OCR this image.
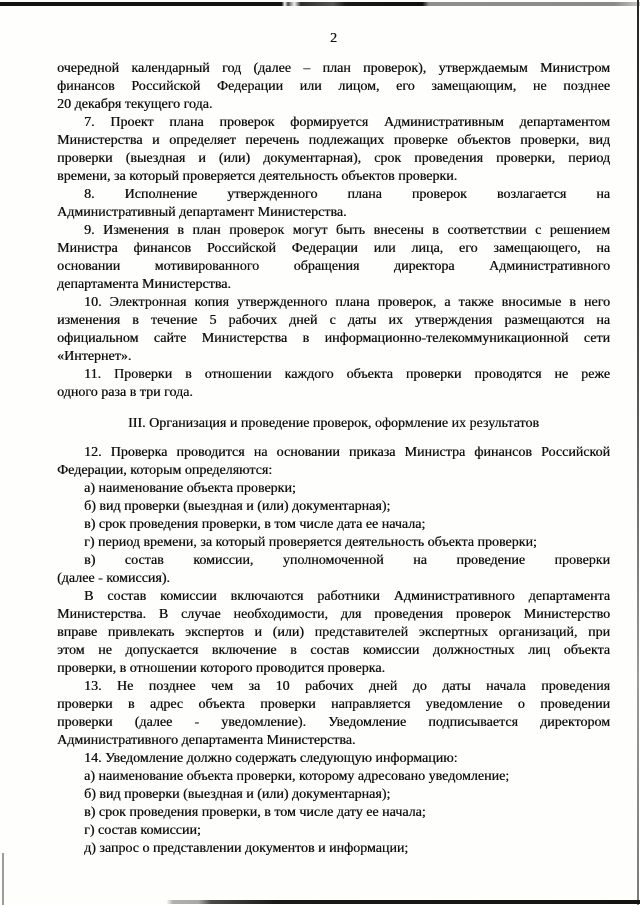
2
очередной календарный год (далее – план проверок), утверждаемым Министром
финансов Российской Федерации или лицом, его замещающим, не позднее
20 декабря текущего года.
7. Проект плана проверок формируется Административным департаментом
Министерства и определяет перечень подлежащих проверке объектов проверки, вид
проверки (выездная и (или) документарная), срок проведения проверки, период
времени, за который проверяется деятельность объектов проверки.
8. Исполнение утвержденного плана проверок возлагается на
Административный департамент Министерства.
9. Изменения в план проверок могут быть внесены в соответствии с решением
Министра финансов Российской Федерации или лица, его замещающего, на
основании мотивированного обращения директора Административного
департамента Министерства.
10. Электронная копия утвержденного плана проверок, а также вносимые в него
изменения в течение 5 рабочих дней с даты их утверждения размещаются на
официальном сайте Министерства в информационно-телекоммуникационной сети
«Интернет».
11. Проверки в отношении каждого объекта проверки проводятся не реже
одного раза в три года.
III. Организация и проведение проверок, оформление их результатов
12. Проверка проводится на основании приказа Министра финансов Российской
Федерации, которым определяются:
а) наименование объекта проверки;
б) вид проверки (выездная и (или) документарная);
в) срок проведения проверки, в том числе дата ее начала;
г) период времени, за который проверяется деятельность объекта проверки;
в) состав комиссии, уполномоченной на проведение проверки
(далее - комиссия).
В состав комиссии включаются работники Административного департамента
Министерства. В случае необходимости, для проведения проверок Министерство
вправе привлекать экспертов и (или) представителей экспертных организаций, при
этом не допускается включение в состав комиссии должностных лиц объекта
проверки, в отношении которого проводится проверка.
13. Не позднее чем за 10 рабочих дней до даты начала проведения
проверки в адрес объекта проверки направляется уведомление о проведении
проверки (далее - уведомление). Уведомление подписывается директором
Административного департамента Министерства.
14. Уведомление должно содержать следующую информацию:
а) наименование объекта проверки, которому адресовано уведомление;
б) вид проверки (выездная и (или) документарная);
в) срок проведения проверки, в том числе дату ее начала;
г) состав комиссии;
д) запрос о представлении документов и информации;
